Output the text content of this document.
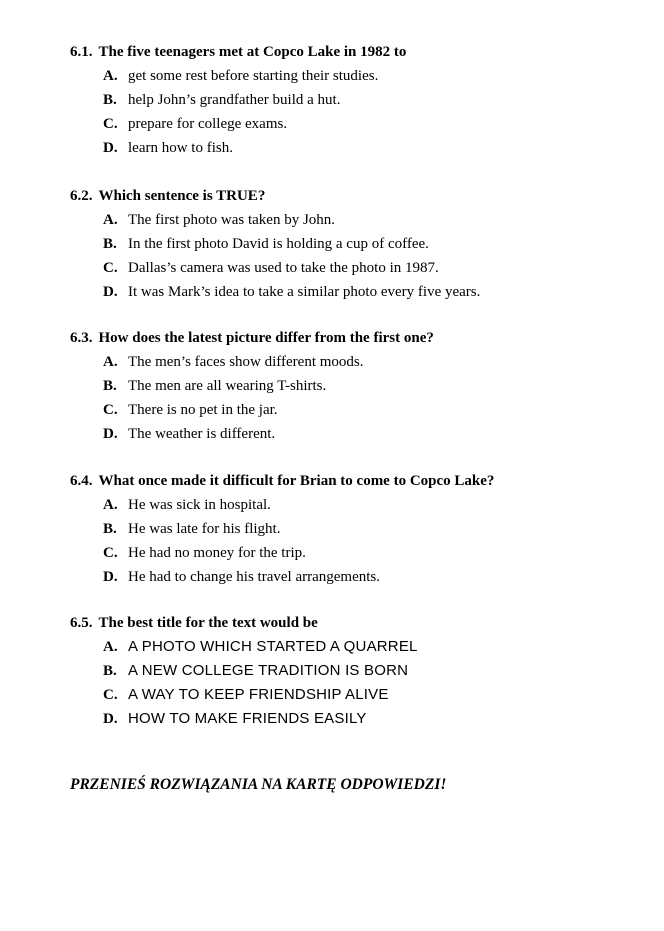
6.1. The five teenagers met at Copco Lake in 1982 to
A. get some rest before starting their studies.
B. help John’s grandfather build a hut.
C. prepare for college exams.
D. learn how to fish.
6.2. Which sentence is TRUE?
A. The first photo was taken by John.
B. In the first photo David is holding a cup of coffee.
C. Dallas’s camera was used to take the photo in 1987.
D. It was Mark’s idea to take a similar photo every five years.
6.3. How does the latest picture differ from the first one?
A. The men’s faces show different moods.
B. The men are all wearing T-shirts.
C. There is no pet in the jar.
D. The weather is different.
6.4. What once made it difficult for Brian to come to Copco Lake?
A. He was sick in hospital.
B. He was late for his flight.
C. He had no money for the trip.
D. He had to change his travel arrangements.
6.5. The best title for the text would be
A. A PHOTO WHICH STARTED A QUARREL
B. A NEW COLLEGE TRADITION IS BORN
C. A WAY TO KEEP FRIENDSHIP ALIVE
D. HOW TO MAKE FRIENDS EASILY
PRZENIEŚ ROZWIĄZANIA NA KARTĘ ODPOWIEDZI!
